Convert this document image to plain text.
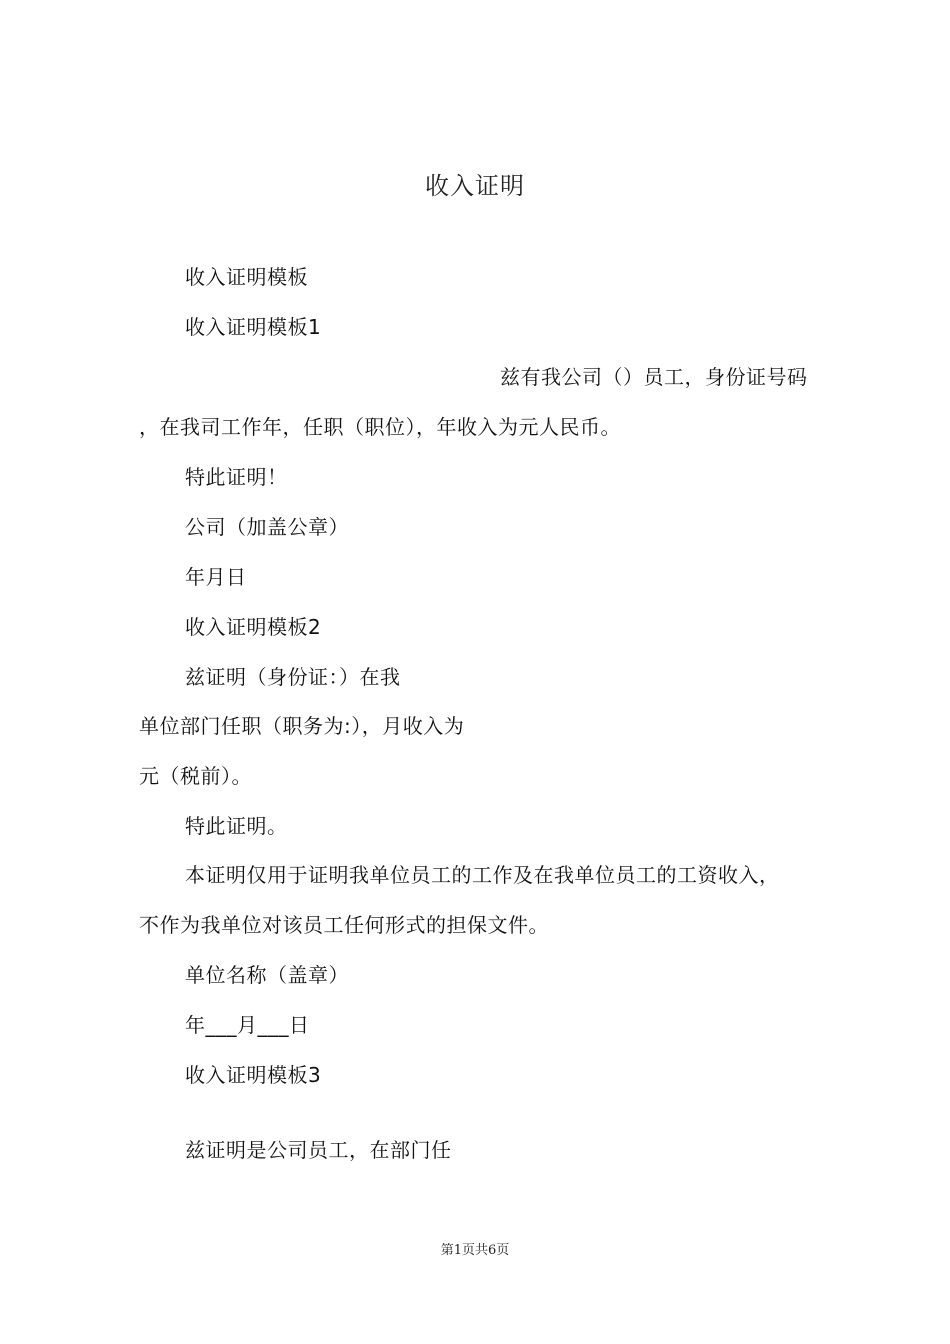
收入证明
收入证明模板
收入证明模板1
兹有我公司（）员工，身份证号码
，在我司工作年，任职（职位），年收入为元人民币。
特此证明！
公司（加盖公章）
年月日
收入证明模板2
兹证明（身份证：）在我
单位部门任职（职务为:），月收入为
元（税前）。
特此证明。
本证明仅用于证明我单位员工的工作及在我单位员工的工资收入，
不作为我单位对该员工任何形式的担保文件。
单位名称（盖章）
年___月___日
收入证明模板3
兹证明是公司员工，在部门任
第1页共6页
